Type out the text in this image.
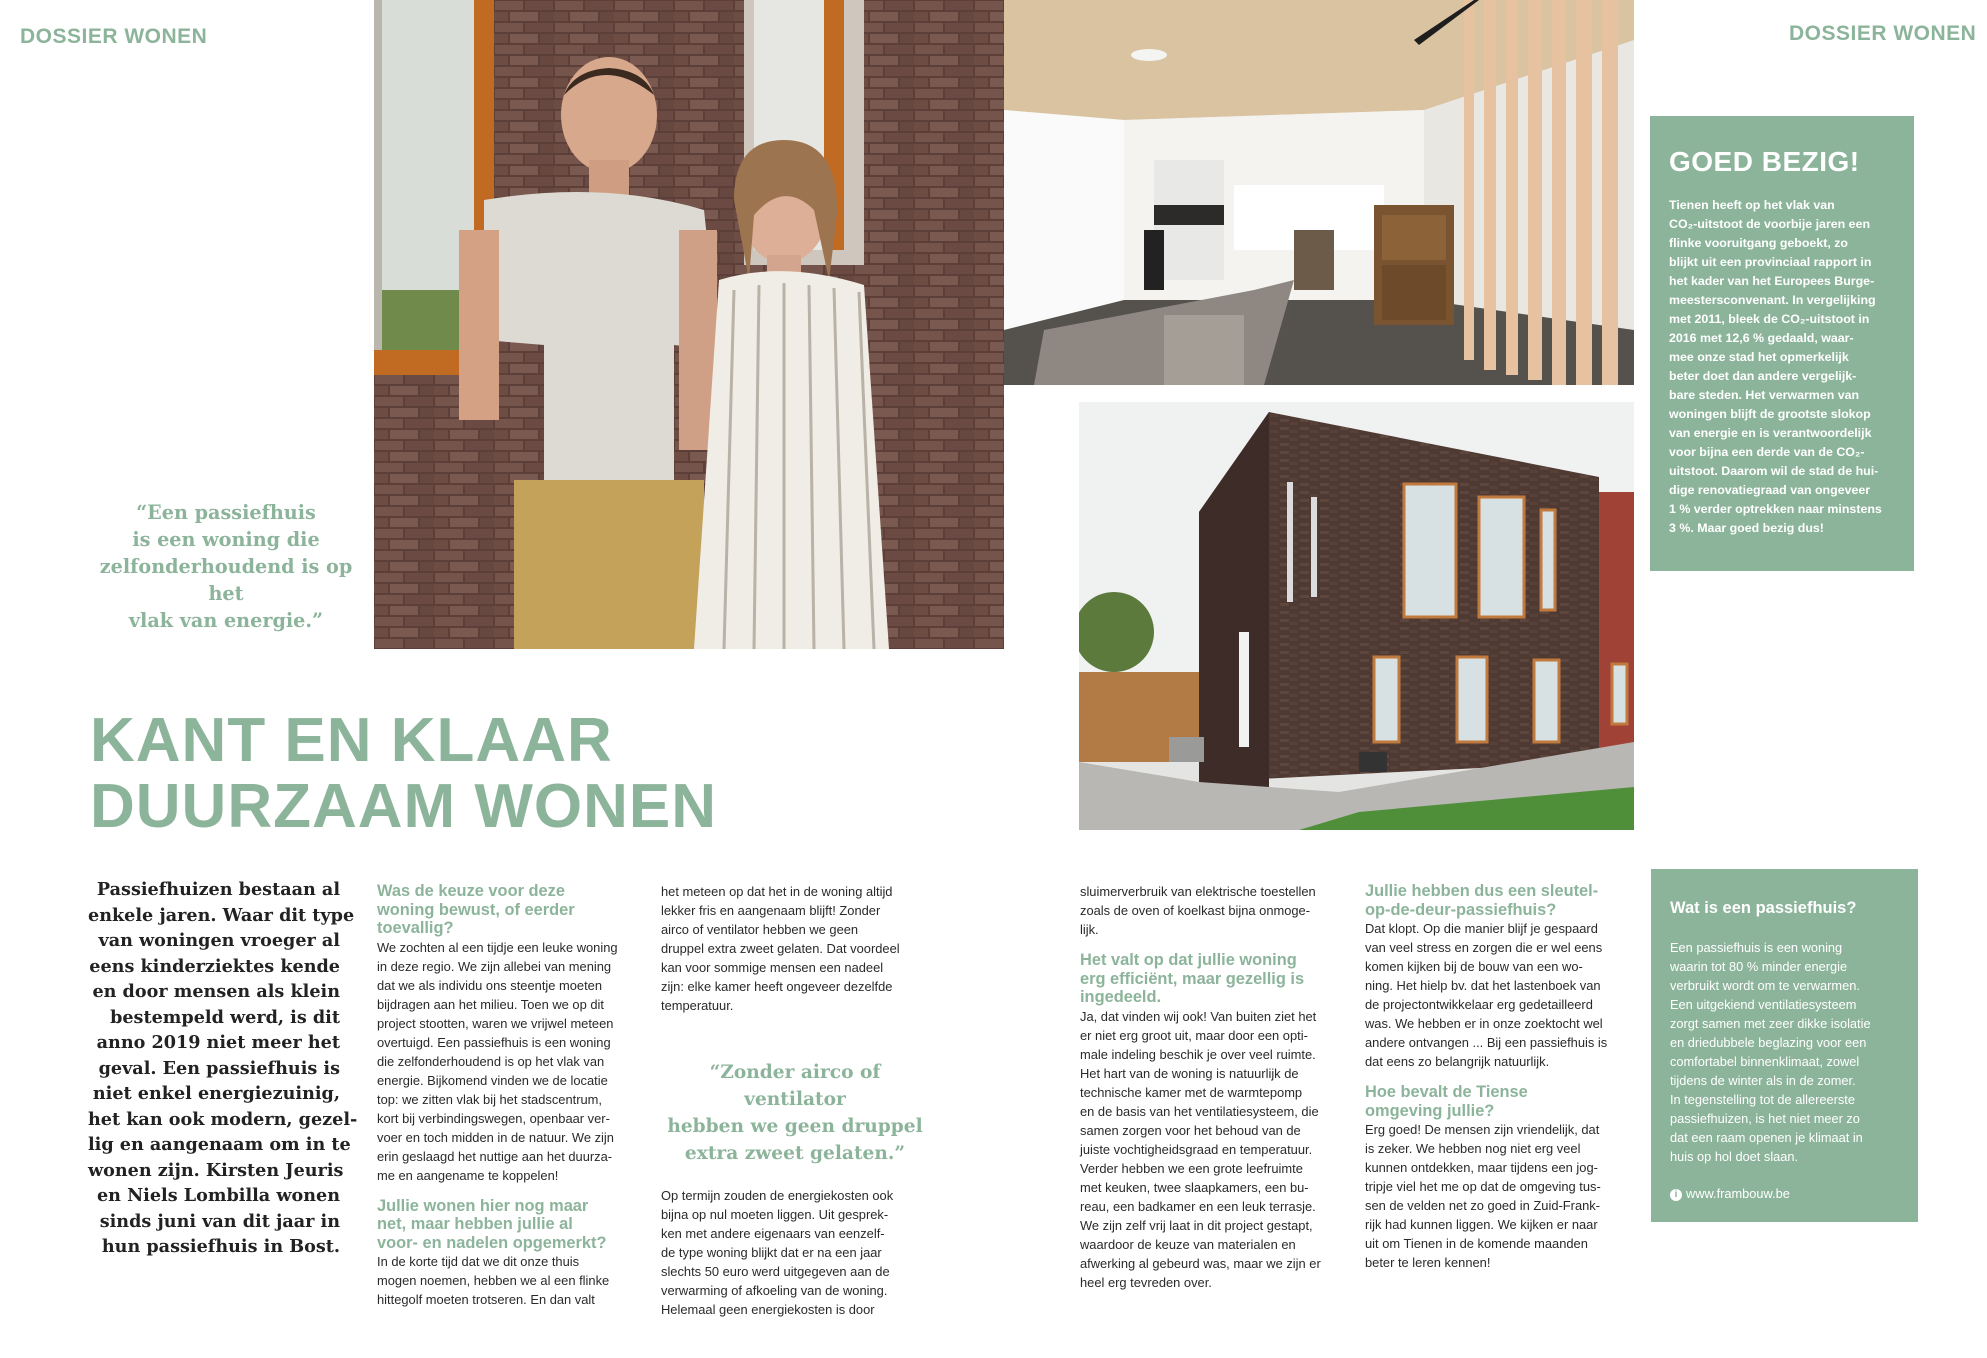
DOSSIER WONEN	DOSSIER WONEN
“Een passiefhuis
is een woning die
zelfonderhoudend is op het
vlak van energie.”
KANT EN KLAAR
DUURZAAM WONEN
Passiefhuizen bestaan al
enkele jaren. Waar dit type
van woningen vroeger al
eens kinderziektes kende
en door mensen als klein
bestempeld werd, is dit
anno 2019 niet meer het
geval. Een passiefhuis is
niet enkel energiezuinig,
het kan ook modern, gezel-
lig en aangenaam om in te
wonen zijn. Kirsten Jeuris
en Niels Lombilla wonen
sinds juni van dit jaar in
hun passiefhuis in Bost.
Was de keuze voor deze
woning bewust, of eerder
toevallig?
We zochten al een tijdje een leuke woning
in deze regio. We zijn allebei van mening
dat we als individu ons steentje moeten
bijdragen aan het milieu. Toen we op dit
project stootten, waren we vrijwel meteen
overtuigd. Een passiefhuis is een woning
die zelfonderhoudend is op het vlak van
energie. Bijkomend vinden we de locatie
top: we zitten vlak bij het stadscentrum,
kort bij verbindingswegen, openbaar ver-
voer en toch midden in de natuur. We zijn
erin geslaagd het nuttige aan het duurza-
me en aangename te koppelen!
Jullie wonen hier nog maar
net, maar hebben jullie al
voor- en nadelen opgemerkt?
In de korte tijd dat we dit onze thuis
mogen noemen, hebben we al een flinke
hittegolf moeten trotseren. En dan valt
het meteen op dat het in de woning altijd
lekker fris en aangenaam blijft! Zonder
airco of ventilator hebben we geen
druppel extra zweet gelaten. Dat voordeel
kan voor sommige mensen een nadeel
zijn: elke kamer heeft ongeveer dezelfde
temperatuur.
“Zonder airco of ventilator
hebben we geen druppel
extra zweet gelaten.”
Op termijn zouden de energiekosten ook
bijna op nul moeten liggen. Uit gesprek-
ken met andere eigenaars van eenzelf-
de type woning blijkt dat er na een jaar
slechts 50 euro werd uitgegeven aan de
verwarming of afkoeling van de woning.
Helemaal geen energiekosten is door
sluimerverbruik van elektrische toestellen
zoals de oven of koelkast bijna onmoge-
lijk.
Het valt op dat jullie woning
erg efficiënt, maar gezellig is
ingedeeld.
Ja, dat vinden wij ook! Van buiten ziet het
er niet erg groot uit, maar door een opti-
male indeling beschik je over veel ruimte.
Het hart van de woning is natuurlijk de
technische kamer met de warmtepomp
en de basis van het ventilatiesysteem, die
samen zorgen voor het behoud van de
juiste vochtigheidsgraad en temperatuur.
Verder hebben we een grote leefruimte
met keuken, twee slaapkamers, een bu-
reau, een badkamer en een leuk terrasje.
We zijn zelf vrij laat in dit project gestapt,
waardoor de keuze van materialen en
afwerking al gebeurd was, maar we zijn er
heel erg tevreden over.
Jullie hebben dus een sleutel-
op-de-deur-passiefhuis?
Dat klopt. Op die manier blijf je gespaard
van veel stress en zorgen die er wel eens
komen kijken bij de bouw van een wo-
ning. Het hielp bv. dat het lastenboek van
de projectontwikkelaar erg gedetailleerd
was. We hebben er in onze zoektocht wel
andere ontvangen ... Bij een passiefhuis is
dat eens zo belangrijk natuurlijk.
Hoe bevalt de Tiense
omgeving jullie?
Erg goed! De mensen zijn vriendelijk, dat
is zeker. We hebben nog niet erg veel
kunnen ontdekken, maar tijdens een jog-
tripje viel het me op dat de omgeving tus-
sen de velden net zo goed in Zuid-Frank-
rijk had kunnen liggen. We kijken er naar
uit om Tienen in de komende maanden
beter te leren kennen!
GOED BEZIG!
Tienen heeft op het vlak van
CO₂-uitstoot de voorbije jaren een
flinke vooruitgang geboekt, zo
blijkt uit een provinciaal rapport in
het kader van het Europees Burge-
meestersconvenant. In vergelijking
met 2011, bleek de CO₂-uitstoot in
2016 met 12,6 % gedaald, waar-
mee onze stad het opmerkelijk
beter doet dan andere vergelijk-
bare steden. Het verwarmen van
woningen blijft de grootste slokop
van energie en is verantwoordelijk
voor bijna een derde van de CO₂-
uitstoot. Daarom wil de stad de hui-
dige renovatiegraad van ongeveer
1 % verder optrekken naar minstens
3 %. Maar goed bezig dus!
Wat is een passiefhuis?
Een passiefhuis is een woning
waarin tot 80 % minder energie
verbruikt wordt om te verwarmen.
Een uitgekiend ventilatiesysteem
zorgt samen met zeer dikke isolatie
en driedubbele beglazing voor een
comfortabel binnenklimaat, zowel
tijdens de winter als in de zomer.
In tegenstelling tot de allereerste
passiefhuizen, is het niet meer zo
dat een raam openen je klimaat in
huis op hol doet slaan.
i www.frambouw.be
